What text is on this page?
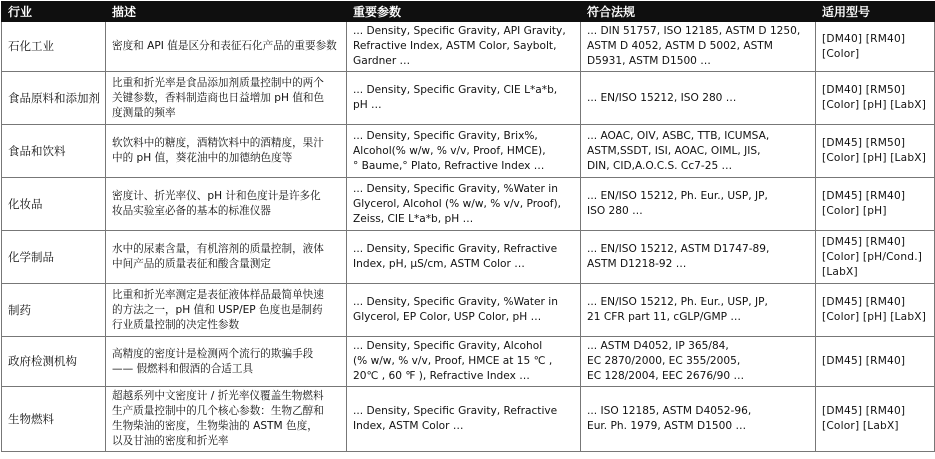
行业	描述	重要参数	符合法规	适用型号
石化工业	密度和 API 值是区分和表征石化产品的重要参数	... Density, Specific Gravity, API Gravity,
Refractive Index, ASTM Color, Saybolt,
Gardner …	... DIN 51757, ISO 12185, ASTM D 1250,
ASTM D 4052, ASTM D 5002, ASTM
D5931, ASTM D1500 …	[DM40] [RM40]
[Color]
食品原料和添加剂	比重和折光率是食品添加剂质量控制中的两个
关键参数，香料制造商也日益增加 pH 值和色
度测量的频率	... Density, Specific Gravity, CIE L*a*b,
pH …	... EN/ISO 15212, ISO 280 …	[DM40] [RM50]
[Color] [pH] [LabX]
食品和饮料	软饮料中的糖度，酒精饮料中的酒精度，果汁
中的 pH 值，葵花油中的加德纳色度等	... Density, Specific Gravity, Brix%,
Alcohol(% w/w, % v/v, Proof, HMCE),
° Baume,° Plato, Refractive Index …	... AOAC, OIV, ASBC, TTB, ICUMSA,
ASTM,SSDT, ISI, AOAC, OIML, JIS,
DIN, CID,A.O.C.S. Cc7-25 …	[DM45] [RM50]
[Color] [pH] [LabX]
化妆品	密度计、折光率仪、pH 计和色度计是许多化
妆品实验室必备的基本的标准仪器	... Density, Specific Gravity, %Water in
Glycerol, Alcohol (% w/w, % v/v, Proof),
Zeiss, CIE L*a*b, pH …	... EN/ISO 15212, Ph. Eur., USP, JP,
ISO 280 …	[DM45] [RM40]
[Color] [pH]
化学制品	水中的尿素含量，有机溶剂的质量控制，液体
中间产品的质量表征和酸含量测定	... Density, Specific Gravity, Refractive
Index, pH, μS/cm, ASTM Color …	... EN/ISO 15212, ASTM D1747-89,
ASTM D1218-92 …	[DM45] [RM40]
[Color] [pH/Cond.]
[LabX]
制药	比重和折光率测定是表征液体样品最简单快速
的方法之一，pH 值和 USP/EP 色度也是制药
行业质量控制的决定性参数	... Density, Specific Gravity, %Water in
Glycerol, EP Color, USP Color, pH …	... EN/ISO 15212, Ph. Eur., USP, JP,
21 CFR part 11, cGLP/GMP …	[DM45] [RM40]
[Color] [pH] [LabX]
政府检测机构	高精度的密度计是检测两个流行的欺骗手段
—— 假燃料和假酒的合适工具	... Density, Specific Gravity, Alcohol
(% w/w, % v/v, Proof, HMCE at 15 ℃ ,
20℃ , 60 ℉ ), Refractive Index …	... ASTM D4052, IP 365/84,
EC 2870/2000, EC 355/2005,
EC 128/2004, EEC 2676/90 …	[DM45] [RM40]
生物燃料	超越系列中文密度计 / 折光率仪覆盖生物燃料
生产质量控制中的几个核心参数：生物乙醇和
生物柴油的密度，生物柴油的 ASTM 色度，
以及甘油的密度和折光率	... Density, Specific Gravity, Refractive
Index, ASTM Color …	... ISO 12185, ASTM D4052-96,
Eur. Ph. 1979, ASTM D1500 …	[DM45] [RM40]
[Color] [LabX]
